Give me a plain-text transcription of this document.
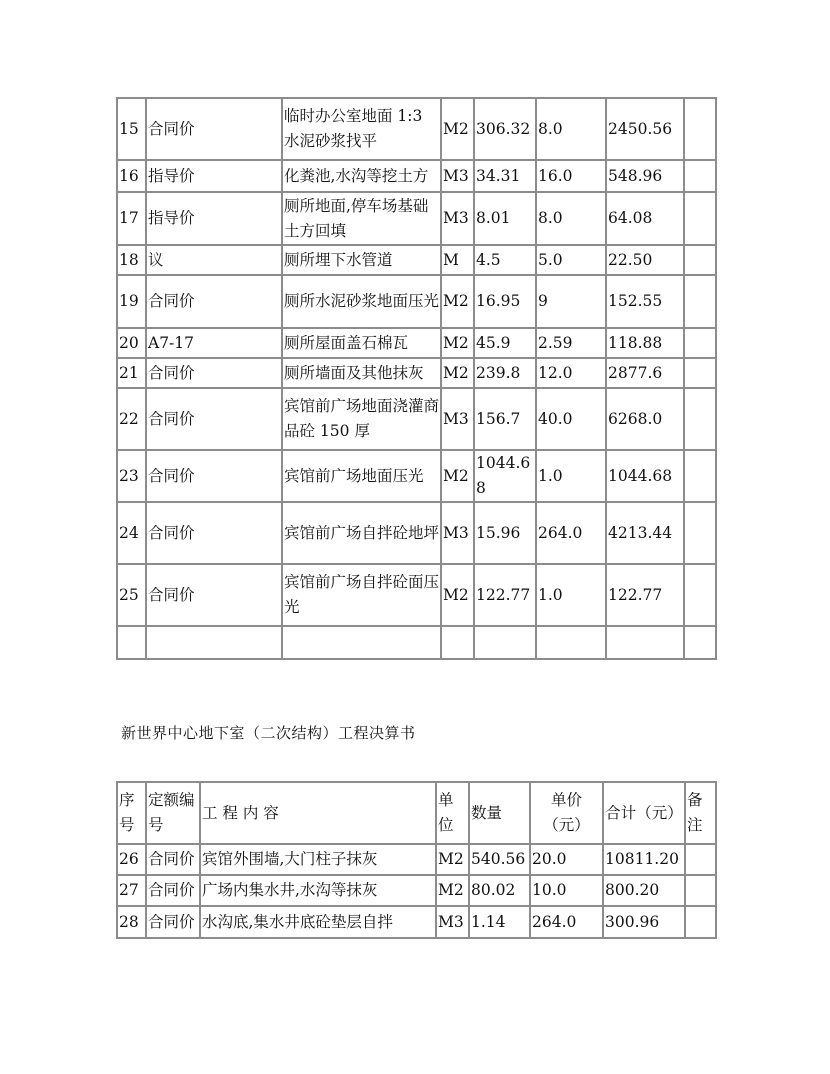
15	合同价	临时办公室地面 1:3 水泥砂浆找平	M2	306.32	8.0	2450.56	
16	指导价	化粪池,水沟等挖土方	M3	34.31	16.0	548.96	
17	指导价	厕所地面,停车场基础土方回填	M3	8.01	8.0	64.08	
18	议	厕所埋下水管道	M	4.5	5.0	22.50	
19	合同价	厕所水泥砂浆地面压光	M2	16.95	9	152.55	
20	A7-17	厕所屋面盖石棉瓦	M2	45.9	2.59	118.88	
21	合同价	厕所墙面及其他抹灰	M2	239.8	12.0	2877.6	
22	合同价	宾馆前广场地面浇灌商品砼 150 厚	M3	156.7	40.0	6268.0	
23	合同价	宾馆前广场地面压光	M2	1044.68	1.0	1044.68	
24	合同价	宾馆前广场自拌砼地坪	M3	15.96	264.0	4213.44	
25	合同价	宾馆前广场自拌砼面压光	M2	122.77	1.0	122.77	

新世界中心地下室（二次结构）工程决算书
序号	定额编号	工 程 内 容	单位	数量	单价（元）	合计（元）	备注
26	合同价	宾馆外围墙,大门柱子抹灰	M2	540.56	20.0	10811.20	
27	合同价	广场内集水井,水沟等抹灰	M2	80.02	10.0	800.20	
28	合同价	水沟底,集水井底砼垫层自拌	M3	1.14	264.0	300.96	
